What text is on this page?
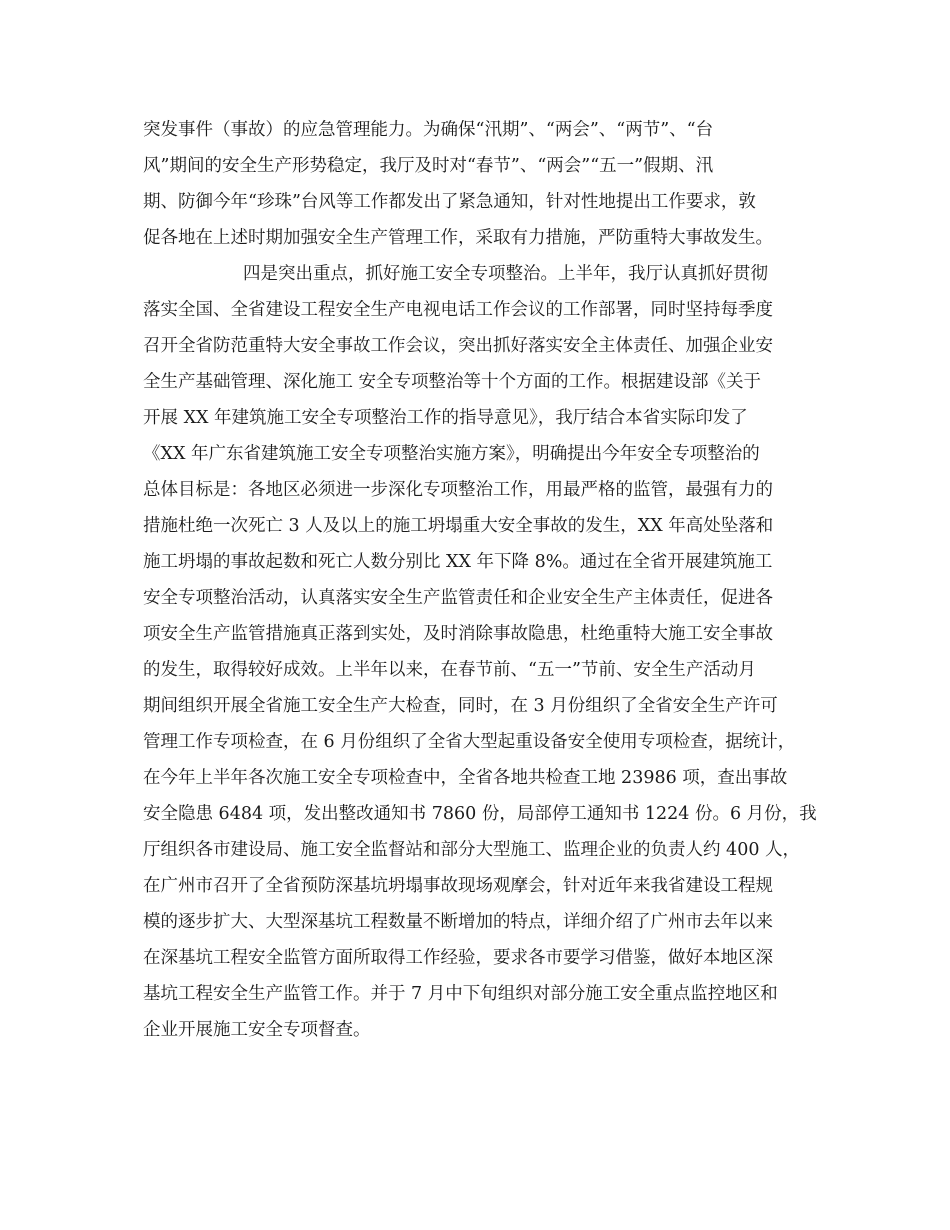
突发事件（事故）的应急管理能力。为确保“汛期”、“两会”、“两节”、“台
风”期间的安全生产形势稳定，我厅及时对“春节”、“两会”“五一”假期、汛
期、防御今年“珍珠”台风等工作都发出了紧急通知，针对性地提出工作要求，敦
促各地在上述时期加强安全生产管理工作，采取有力措施，严防重特大事故发生。
四是突出重点，抓好施工安全专项整治。上半年，我厅认真抓好贯彻
落实全国、全省建设工程安全生产电视电话工作会议的工作部署，同时坚持每季度
召开全省防范重特大安全事故工作会议，突出抓好落实安全主体责任、加强企业安
全生产基础管理、深化施工 安全专项整治等十个方面的工作。根据建设部《关于
开展 XX 年建筑施工安全专项整治工作的指导意见》，我厅结合本省实际印发了
《XX 年广东省建筑施工安全专项整治实施方案》，明确提出今年安全专项整治的
总体目标是：各地区必须进一步深化专项整治工作，用最严格的监管，最强有力的
措施杜绝一次死亡 3 人及以上的施工坍塌重大安全事故的发生，XX 年高处坠落和
施工坍塌的事故起数和死亡人数分别比 XX 年下降 8%。通过在全省开展建筑施工
安全专项整治活动，认真落实安全生产监管责任和企业安全生产主体责任，促进各
项安全生产监管措施真正落到实处，及时消除事故隐患，杜绝重特大施工安全事故
的发生，取得较好成效。上半年以来，在春节前、“五一”节前、安全生产活动月
期间组织开展全省施工安全生产大检查，同时，在 3 月份组织了全省安全生产许可
管理工作专项检查，在 6 月份组织了全省大型起重设备安全使用专项检查，据统计，
在今年上半年各次施工安全专项检查中，全省各地共检查工地 23986 项，查出事故
安全隐患 6484 项，发出整改通知书 7860 份，局部停工通知书 1224 份。6 月份，我
厅组织各市建设局、施工安全监督站和部分大型施工、监理企业的负责人约 400 人，
在广州市召开了全省预防深基坑坍塌事故现场观摩会，针对近年来我省建设工程规
模的逐步扩大、大型深基坑工程数量不断增加的特点，详细介绍了广州市去年以来
在深基坑工程安全监管方面所取得工作经验，要求各市要学习借鉴，做好本地区深
基坑工程安全生产监管工作。并于 7 月中下旬组织对部分施工安全重点监控地区和
企业开展施工安全专项督查。
